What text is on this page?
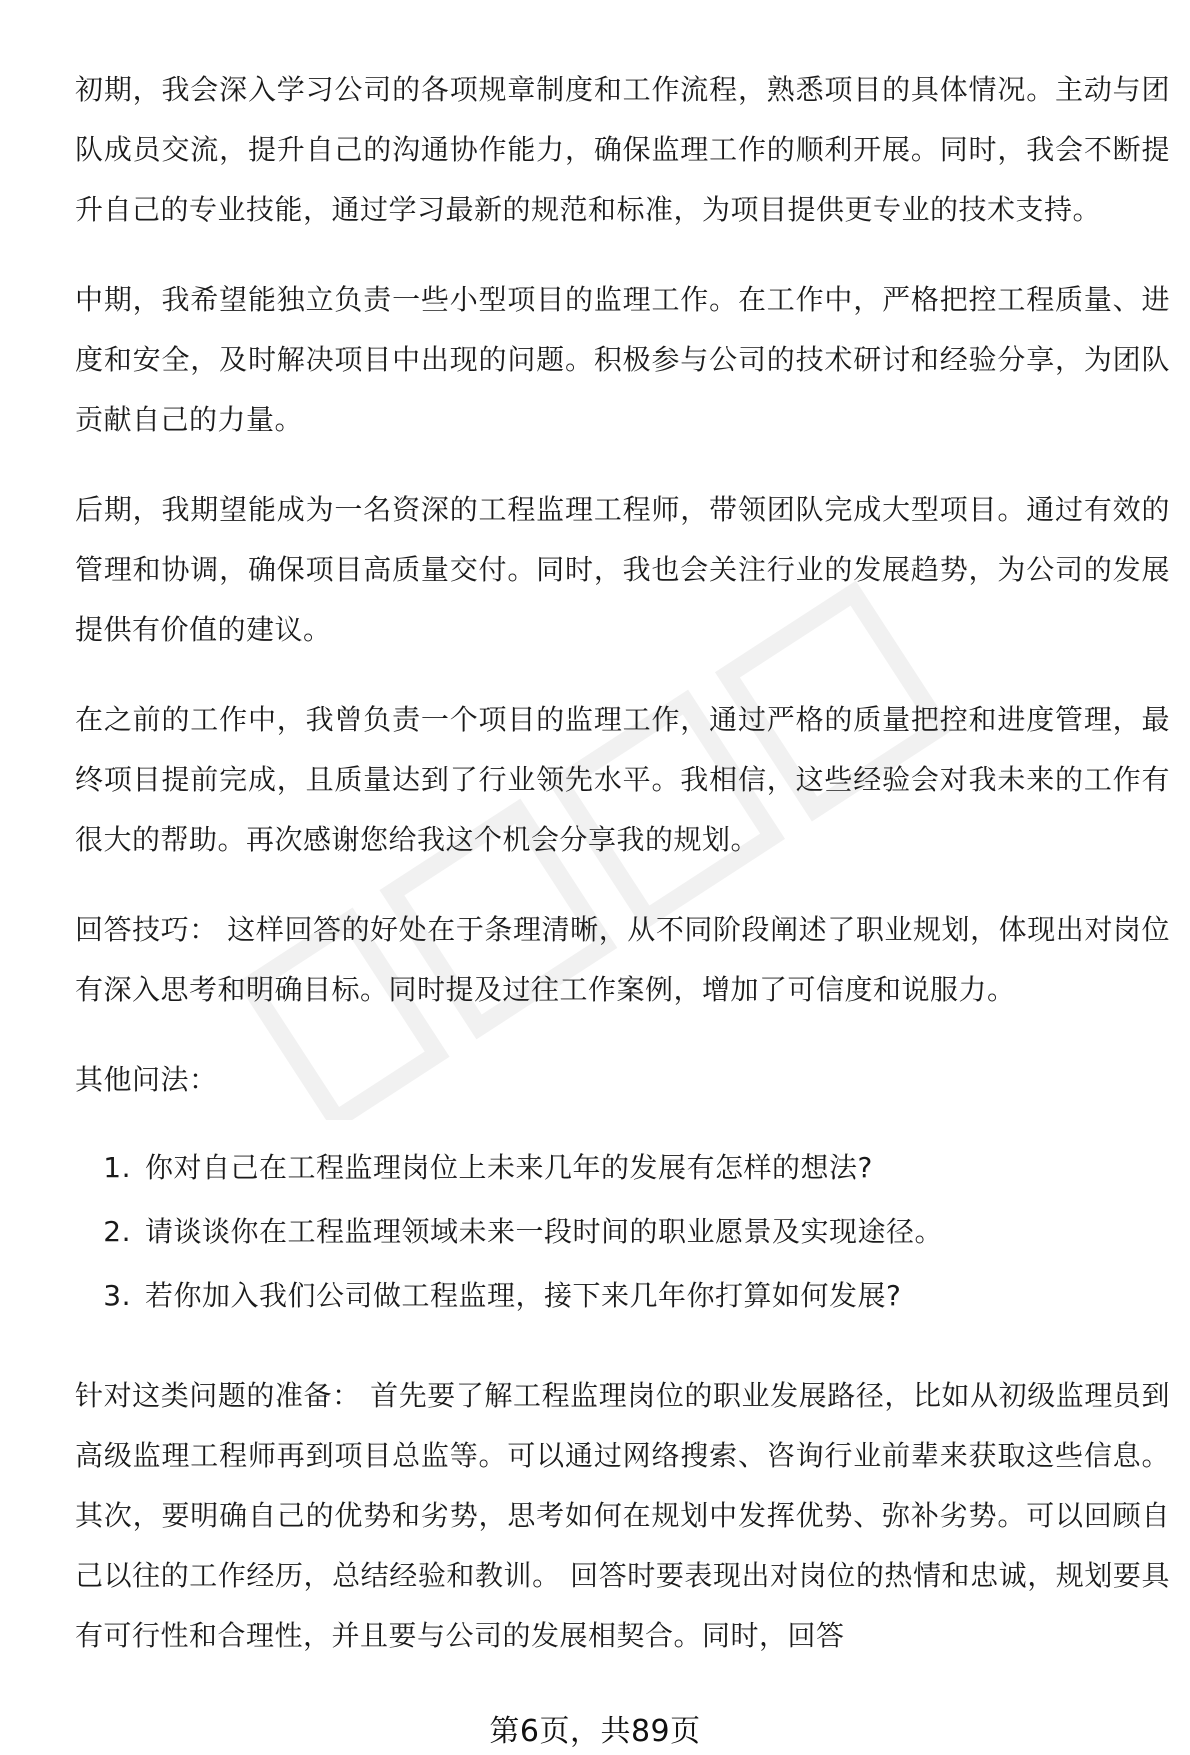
初期，我会深入学习公司的各项规章制度和工作流程，熟悉项目的具体情况。主动与团队成员交流，提升自己的沟通协作能力，确保监理工作的顺利开展。同时，我会不断提升自己的专业技能，通过学习最新的规范和标准，为项目提供更专业的技术支持。

中期，我希望能独立负责一些小型项目的监理工作。在工作中，严格把控工程质量、进度和安全，及时解决项目中出现的问题。积极参与公司的技术研讨和经验分享，为团队贡献自己的力量。

后期，我期望能成为一名资深的工程监理工程师，带领团队完成大型项目。通过有效的管理和协调，确保项目高质量交付。同时，我也会关注行业的发展趋势，为公司的发展提供有价值的建议。

在之前的工作中，我曾负责一个项目的监理工作，通过严格的质量把控和进度管理，最终项目提前完成，且质量达到了行业领先水平。我相信，这些经验会对我未来的工作有很大的帮助。再次感谢您给我这个机会分享我的规划。

回答技巧： 这样回答的好处在于条理清晰，从不同阶段阐述了职业规划，体现出对岗位有深入思考和明确目标。同时提及过往工作案例，增加了可信度和说服力。

其他问法：

1. 你对自己在工程监理岗位上未来几年的发展有怎样的想法?
2. 请谈谈你在工程监理领域未来一段时间的职业愿景及实现途径。
3. 若你加入我们公司做工程监理，接下来几年你打算如何发展?

针对这类问题的准备： 首先要了解工程监理岗位的职业发展路径，比如从初级监理员到高级监理工程师再到项目总监等。可以通过网络搜索、咨询行业前辈来获取这些信息。 其次，要明确自己的优势和劣势，思考如何在规划中发挥优势、弥补劣势。可以回顾自己以往的工作经历，总结经验和教训。 回答时要表现出对岗位的热情和忠诚，规划要具有可行性和合理性，并且要与公司的发展相契合。同时，回答

第6页，共89页
